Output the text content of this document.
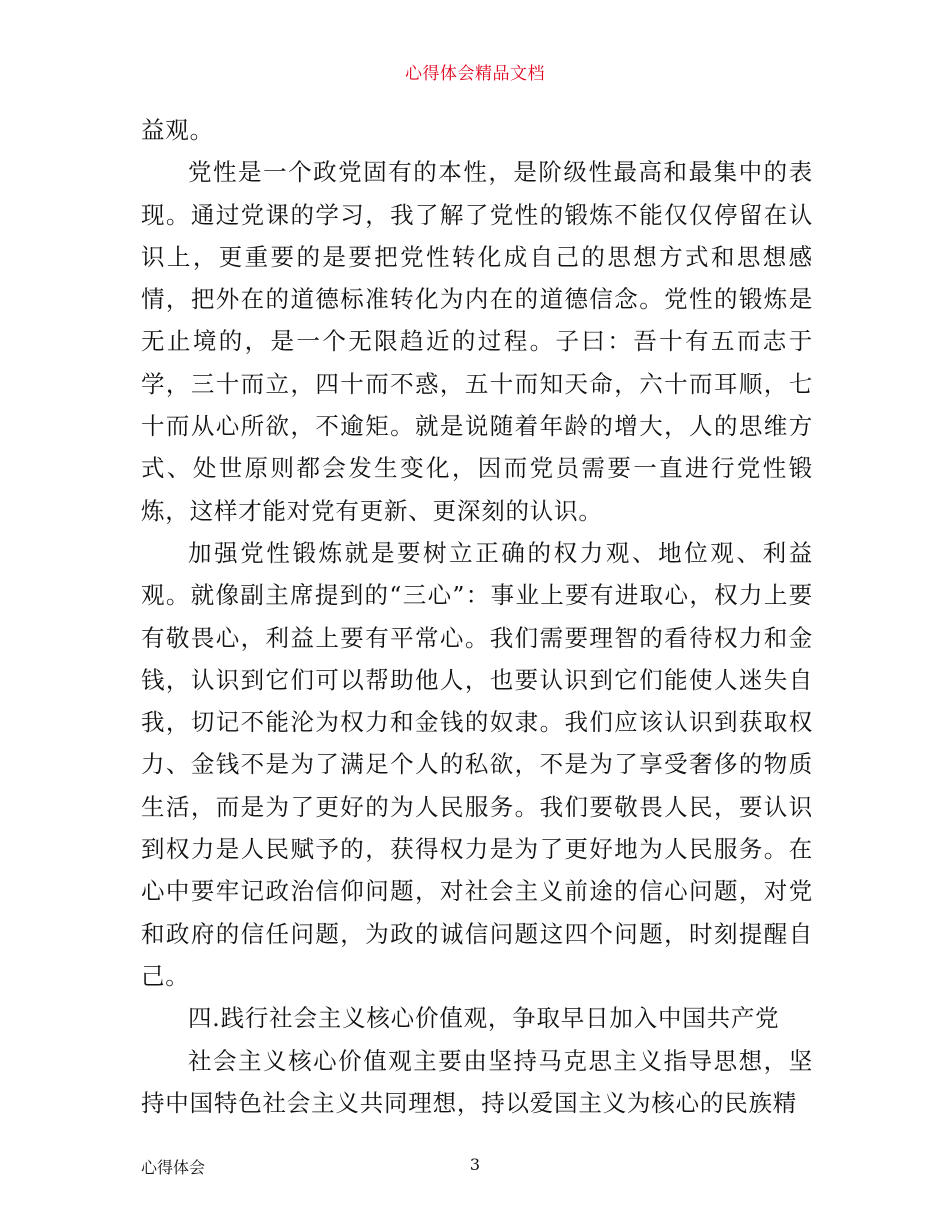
心得体会精品文档

益观。

党性是一个政党固有的本性，是阶级性最高和最集中的表现。通过党课的学习，我了解了党性的锻炼不能仅仅停留在认识上，更重要的是要把党性转化成自己的思想方式和思想感情，把外在的道德标准转化为内在的道德信念。党性的锻炼是无止境的，是一个无限趋近的过程。子曰：吾十有五而志于学，三十而立，四十而不惑，五十而知天命，六十而耳顺，七十而从心所欲，不逾矩。就是说随着年龄的增大，人的思维方式、处世原则都会发生变化，因而党员需要一直进行党性锻炼，这样才能对党有更新、更深刻的认识。

加强党性锻炼就是要树立正确的权力观、地位观、利益观。就像副主席提到的“三心”：事业上要有进取心，权力上要有敬畏心，利益上要有平常心。我们需要理智的看待权力和金钱，认识到它们可以帮助他人，也要认识到它们能使人迷失自我，切记不能沦为权力和金钱的奴隶。我们应该认识到获取权力、金钱不是为了满足个人的私欲，不是为了享受奢侈的物质生活，而是为了更好的为人民服务。我们要敬畏人民，要认识到权力是人民赋予的，获得权力是为了更好地为人民服务。在心中要牢记政治信仰问题，对社会主义前途的信心问题，对党和政府的信任问题，为政的诚信问题这四个问题，时刻提醒自己。

四.践行社会主义核心价值观，争取早日加入中国共产党

社会主义核心价值观主要由坚持马克思主义指导思想，坚持中国特色社会主义共同理想，持以爱国主义为核心的民族精

心得体会	3
